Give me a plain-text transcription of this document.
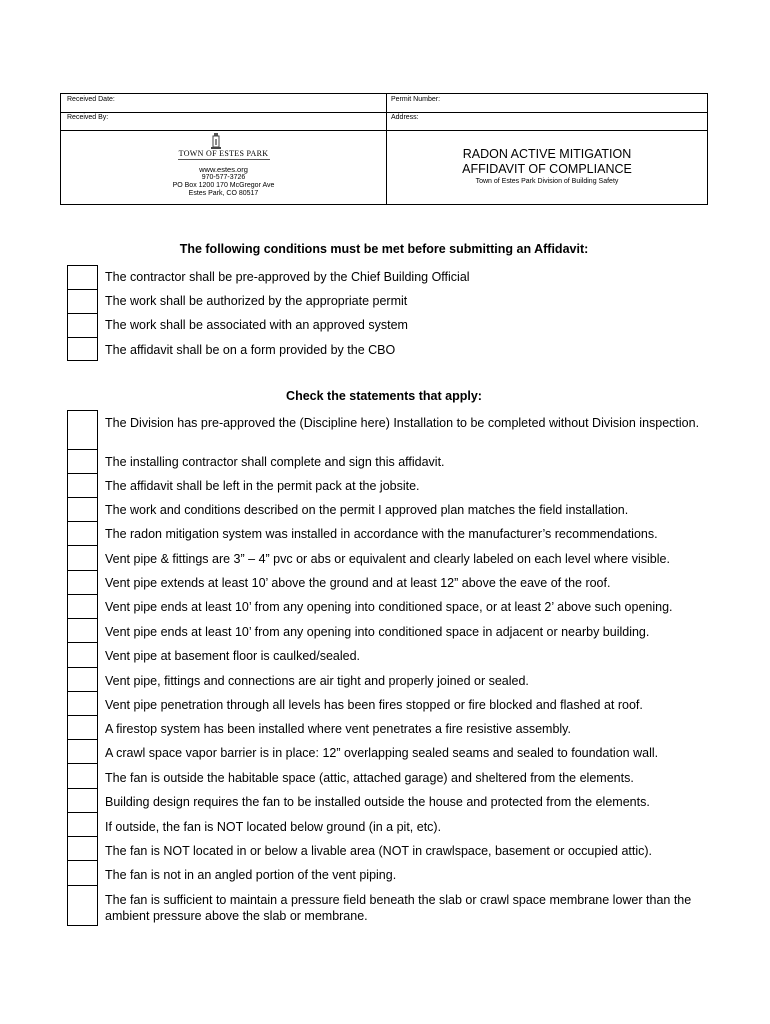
Received Date:	Permit Number:
Received By:	Address:
TOWN OF ESTES PARK
www.estes.org
970-577-3726
PO Box 1200 170 McGregor Ave
Estes Park, CO 80517
RADON ACTIVE MITIGATION
AFFIDAVIT OF COMPLIANCE
Town of Estes Park Division of Building Safety
The following conditions must be met before submitting an Affidavit:
The contractor shall be pre-approved by the Chief Building Official
The work shall be authorized by the appropriate permit
The work shall be associated with an approved system
The affidavit shall be on a form provided by the CBO
Check the statements that apply:
The Division has pre-approved the (Discipline here) Installation to be completed without Division inspection.
The installing contractor shall complete and sign this affidavit.
The affidavit shall be left in the permit pack at the jobsite.
The work and conditions described on the permit I approved plan matches the field installation.
The radon mitigation system was installed in accordance with the manufacturer’s recommendations.
Vent pipe & fittings are 3” – 4” pvc or abs or equivalent and clearly labeled on each level where visible.
Vent pipe extends at least 10’ above the ground and at least 12” above the eave of the roof.
Vent pipe ends at least 10’ from any opening into conditioned space, or at least 2’ above such opening.
Vent pipe ends at least 10’ from any opening into conditioned space in adjacent or nearby building.
Vent pipe at basement floor is caulked/sealed.
Vent pipe, fittings and connections are air tight and properly joined or sealed.
Vent pipe penetration through all levels has been fires stopped or fire blocked and flashed at roof.
A firestop system has been installed where vent penetrates a fire resistive assembly.
A crawl space vapor barrier is in place: 12” overlapping sealed seams and sealed to foundation wall.
The fan is outside the habitable space (attic, attached garage) and sheltered from the elements.
Building design requires the fan to be installed outside the house and protected from the elements.
If outside, the fan is NOT located below ground (in a pit, etc).
The fan is NOT located in or below a livable area (NOT in crawlspace, basement or occupied attic).
The fan is not in an angled portion of the vent piping.
The fan is sufficient to maintain a pressure field beneath the slab or crawl space membrane lower than the ambient pressure above the slab or membrane.
